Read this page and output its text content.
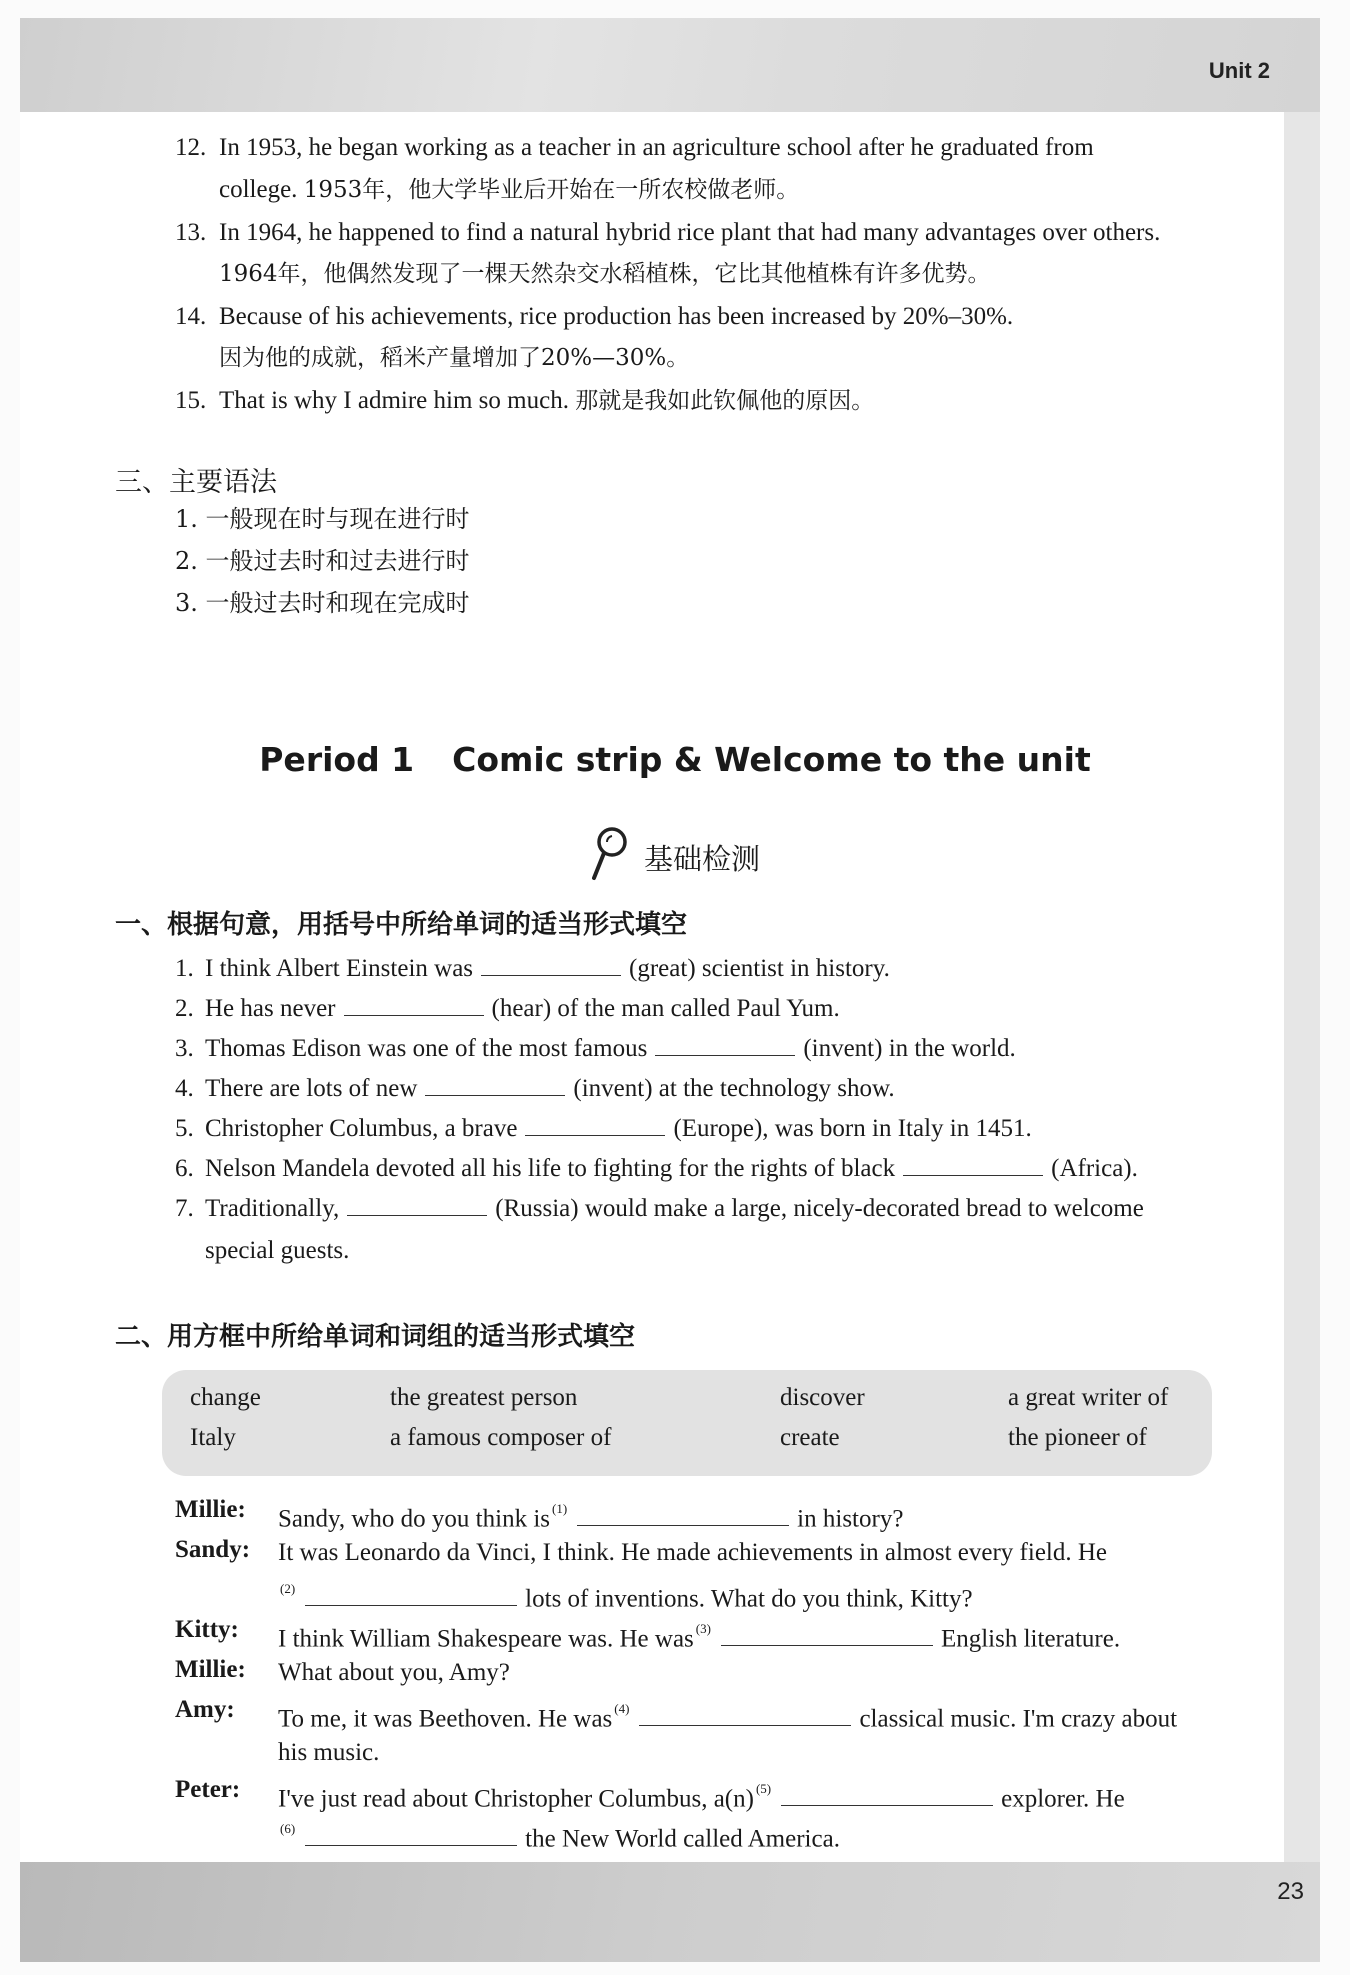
Unit 2
12. In 1953, he began working as a teacher in an agriculture school after he graduated from
college. 1953年，他大学毕业后开始在一所农校做老师。
13. In 1964, he happened to find a natural hybrid rice plant that had many advantages over others.
1964年，他偶然发现了一棵天然杂交水稻植株，它比其他植株有许多优势。
14. Because of his achievements, rice production has been increased by 20%–30%.
因为他的成就，稻米产量增加了20%—30%。
15. That is why I admire him so much. 那就是我如此钦佩他的原因。
三、主要语法
1. 一般现在时与现在进行时
2. 一般过去时和过去进行时
3. 一般过去时和现在完成时
Period 1 Comic strip & Welcome to the unit
基础检测
一、根据句意，用括号中所给单词的适当形式填空
1. I think Albert Einstein was	(great) scientist in history.
2. He has never	(hear) of the man called Paul Yum.
3. Thomas Edison was one of the most famous	(invent) in the world.
4. There are lots of new	(invent) at the technology show.
5. Christopher Columbus, a brave	(Europe), was born in Italy in 1451.
6. Nelson Mandela devoted all his life to fighting for the rights of black	(Africa).
7. Traditionally,	(Russia) would make a large, nicely-decorated bread to welcome
special guests.
二、用方框中所给单词和词组的适当形式填空
change	the greatest person	discover	a great writer of
Italy	a famous composer of	create	the pioneer of
Millie: Sandy, who do you think is $^{(1)}$	in history?
Sandy: It was Leonardo da Vinci, I think. He made achievements in almost every field. He
$^{(2)}$	lots of inventions. What do you think, Kitty?
Kitty: I think William Shakespeare was. He was $^{(3)}$	English literature.
Millie: What about you, Amy?
Amy: To me, it was Beethoven. He was $^{(4)}$	classical music. I'm crazy about
his music.
Peter: I've just read about Christopher Columbus, a(n) $^{(5)}$	explorer. He
$^{(6)}$	the New World called America.
23
